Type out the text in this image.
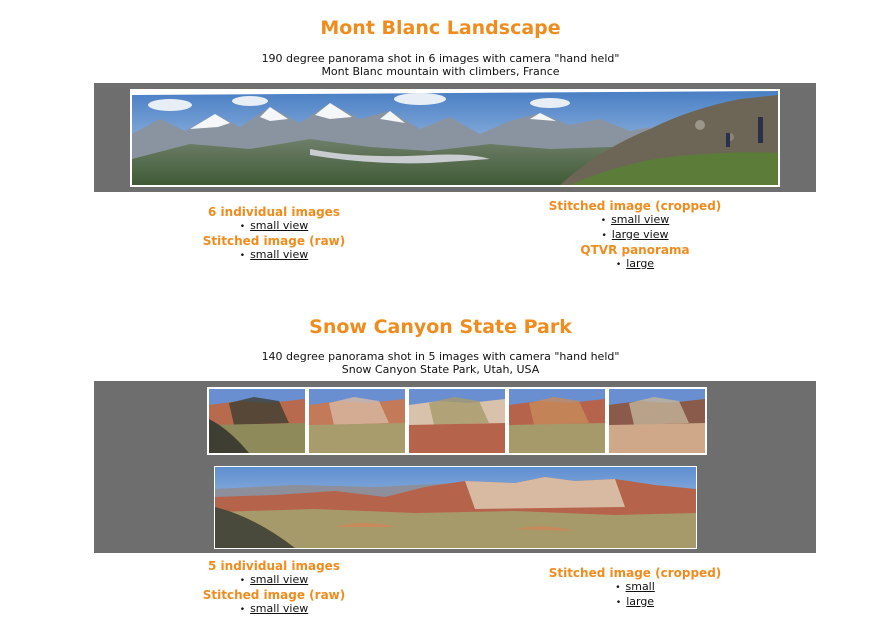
Mont Blanc Landscape
190 degree panorama shot in 6 images with camera "hand held"
Mont Blanc mountain with climbers, France
6 individual images
• small view
Stitched image (raw)
• small view
Stitched image (cropped)
• small view
• large view
QTVR panorama
• large
Snow Canyon State Park
140 degree panorama shot in 5 images with camera "hand held"
Snow Canyon State Park, Utah, USA
5 individual images
• small view
Stitched image (raw)
• small view
Stitched image (cropped)
• small
• large
